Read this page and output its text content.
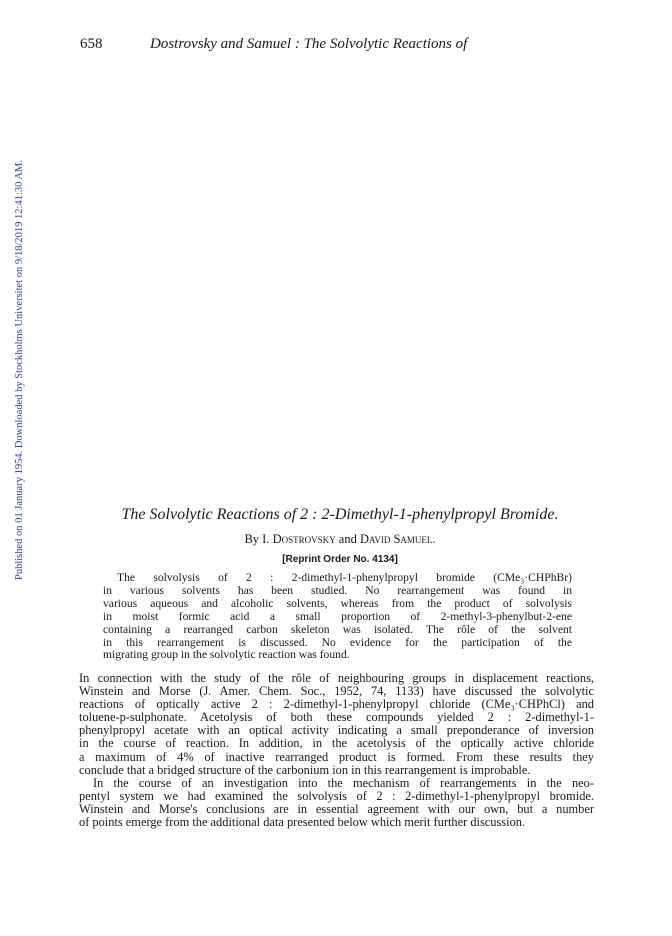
Published on 01 January 1954. Downloaded by Stockholms Universitet on 9/18/2019 12:41:30 AM.
658	Dostrovsky and Samuel : The Solvolytic Reactions of
The Solvolytic Reactions of 2 : 2-Dimethyl-1-phenylpropyl Bromide.
By I. Dostrovsky and David Samuel.
[Reprint Order No. 4134]
The solvolysis of 2 : 2-dimethyl-1-phenylpropyl bromide (CMe₃·CHPhBr)
in various solvents has been studied. No rearrangement was found in
various aqueous and alcoholic solvents, whereas from the product of solvolysis
in moist formic acid a small proportion of 2-methyl-3-phenylbut-2-ene
containing a rearranged carbon skeleton was isolated. The rôle of the solvent
in this rearrangement is discussed. No evidence for the participation of the
migrating group in the solvolytic reaction was found.
In connection with the study of the rôle of neighbouring groups in displacement reactions,
Winstein and Morse (J. Amer. Chem. Soc., 1952, 74, 1133) have discussed the solvolytic
reactions of optically active 2 : 2-dimethyl-1-phenylpropyl chloride (CMe₃·CHPhCl) and
toluene-p-sulphonate. Acetolysis of both these compounds yielded 2 : 2-dimethyl-1-
phenylpropyl acetate with an optical activity indicating a small preponderance of inversion
in the course of reaction. In addition, in the acetolysis of the optically active chloride
a maximum of 4% of inactive rearranged product is formed. From these results they
conclude that a bridged structure of the carbonium ion in this rearrangement is improbable.
In the course of an investigation into the mechanism of rearrangements in the neo-
pentyl system we had examined the solvolysis of 2 : 2-dimethyl-1-phenylpropyl bromide.
Winstein and Morse's conclusions are in essential agreement with our own, but a number
of points emerge from the additional data presented below which merit further discussion.
